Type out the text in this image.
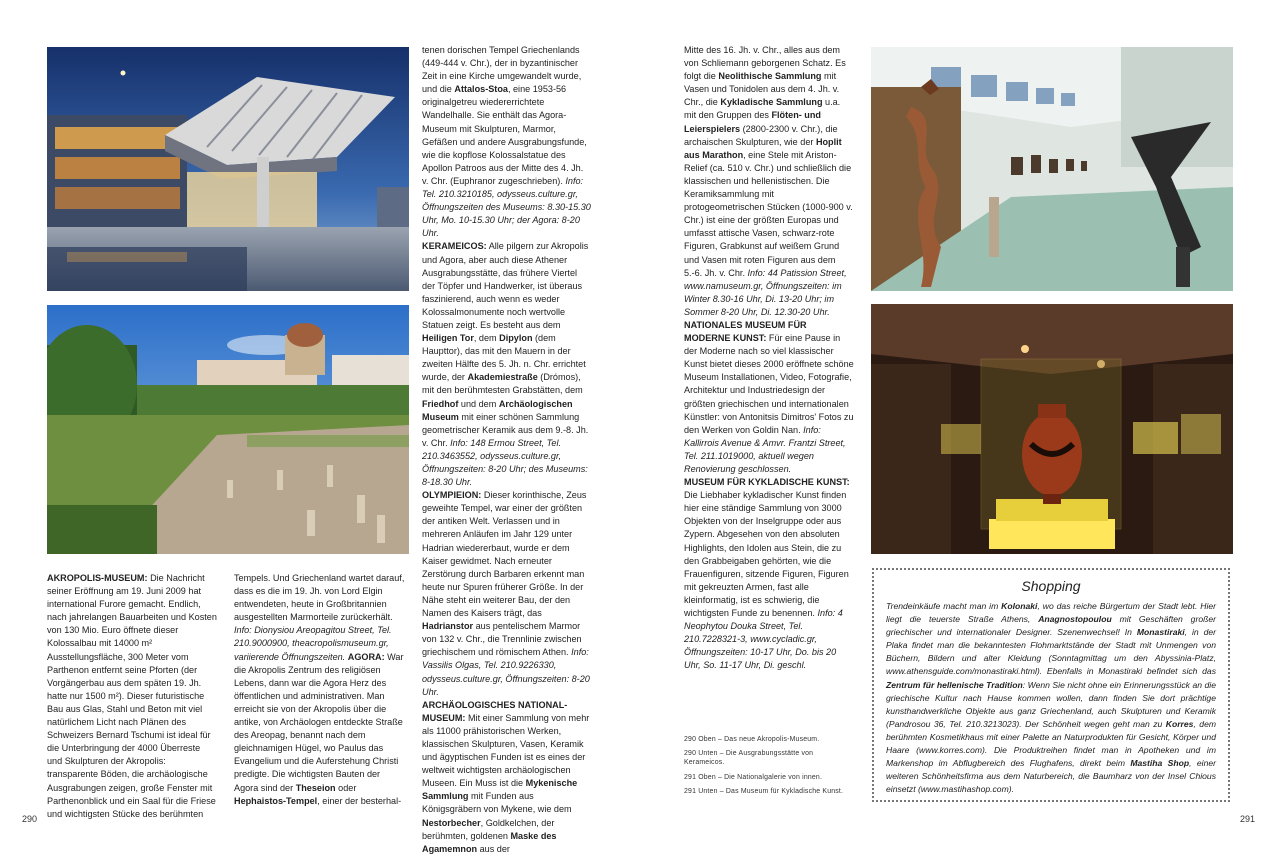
AKROPOLIS-MUSEUM: Die Nachricht seiner Eröffnung am 19. Juni 2009 hat international Furore gemacht. Endlich, nach jahrelangen Bauarbeiten und Kosten von 130 Mio. Euro öffnete dieser Kolossalbau mit 14000 m² Ausstellungsfläche, 300 Meter vom Parthenon entfernt seine Pforten (der Vorgängerbau aus dem späten 19. Jh. hatte nur 1500 m²). Dieser futuristische Bau aus Glas, Stahl und Beton mit viel natürlichem Licht nach Plänen des Schweizers Bernard Tschumi ist ideal für die Unterbringung der 4000 Überreste und Skulpturen der Akropolis: transparente Böden, die archäologische Ausgrabungen zeigen, große Fenster mit Parthenonblick und ein Saal für die Friese und wichtigsten Stücke des berühmten

Tempels. Und Griechenland wartet darauf, dass es die im 19. Jh. von Lord Elgin entwendeten, heute in Großbritannien ausgestellten Marmorteile zurückerhält. Info: Dionysiou Areopagitou Street, Tel. 210.9000900, theacropolismuseum.gr, variierende Öffnungszeiten. AGORA: War die Akropolis Zentrum des religiösen Lebens, dann war die Agora Herz des öffentlichen und administrativen. Man erreicht sie von der Akropolis über die antike, von Archäologen entdeckte Straße des Areopag, benannt nach dem gleichnamigen Hügel, wo Paulus das Evangelium und die Auferstehung Christi predigte. Die wichtigsten Bauten der Agora sind der Theseion oder Hephaistos-Tempel, einer der besterhal-

tenen dorischen Tempel Griechenlands (449-444 v. Chr.), der in byzantinischer Zeit in eine Kirche umgewandelt wurde, und die Attalos-Stoa, eine 1953-56 originalgetreu wiedererrichtete Wandelhalle. Sie enthält das Agora-Museum mit Skulpturen, Marmor, Gefäßen und andere Ausgrabungsfunde, wie die kopflose Kolossalstatue des Apollon Patroos aus der Mitte des 4. Jh. v. Chr. (Euphranor zugeschrieben). Info: Tel. 210.3210185, odysseus.culture.gr, Öffnungszeiten des Museums: 8.30-15.30 Uhr, Mo. 10-15.30 Uhr; der Agora: 8-20 Uhr.
KERAMEICOS: Alle pilgern zur Akropolis und Agora, aber auch diese Athener Ausgrabungsstätte, das frühere Viertel der Töpfer und Handwerker, ist überaus faszinierend, auch wenn es weder Kolossalmonumente noch wertvolle Statuen zeigt. Es besteht aus dem Heiligen Tor, dem Dipylon (dem Haupttor), das mit den Mauern in der zweiten Hälfte des 5. Jh. n. Chr. errichtet wurde, der Akademiestraße (Drómos), mit den berühmtesten Grabstätten, dem Friedhof und dem Archäologischen Museum mit einer schönen Sammlung geometrischer Keramik aus dem 9.-8. Jh. v. Chr. Info: 148 Ermou Street, Tel. 210.3463552, odysseus.culture.gr, Öffnungszeiten: 8-20 Uhr; des Museums: 8-18.30 Uhr.
OLYMPIEION: Dieser korinthische, Zeus geweihte Tempel, war einer der größten der antiken Welt. Verlassen und in mehreren Anläufen im Jahr 129 unter Hadrian wiedererbaut, wurde er dem Kaiser gewidmet. Nach erneuter Zerstörung durch Barbaren erkennt man heute nur Spuren früherer Größe. In der Nähe steht ein weiterer Bau, der den Namen des Kaisers trägt, das Hadrianstor aus pentelischem Marmor von 132 v. Chr., die Trennlinie zwischen griechischem und römischem Athen. Info: Vassilis Olgas, Tel. 210.9226330, odysseus.culture.gr, Öffnungszeiten: 8-20 Uhr.
ARCHÄOLOGISCHES NATIONAL-MUSEUM: Mit einer Sammlung von mehr als 11000 prähistorischen Werken, klassischen Skulpturen, Vasen, Keramik und ägyptischen Funden ist es eines der weltweit wichtigsten archäologischen Museen. Ein Muss ist die Mykenische Sammlung mit Funden aus Königsgräbern von Mykene, wie dem Nestorbecher, Goldkelchen, der berühmten, goldenen Maske des Agamemnon aus der

Mitte des 16. Jh. v. Chr., alles aus dem von Schliemann geborgenen Schatz. Es folgt die Neolithische Sammlung mit Vasen und Tonidolen aus dem 4. Jh. v. Chr., die Kykladische Sammlung u.a. mit den Gruppen des Flöten- und Leierspielers (2800-2300 v. Chr.), die archaischen Skulpturen, wie der Hoplit aus Marathon, eine Stele mit Ariston-Relief (ca. 510 v. Chr.) und schließlich die klassischen und hellenistischen. Die Keramiksammlung mit protogeometrischen Stücken (1000-900 v. Chr.) ist eine der größten Europas und umfasst attische Vasen, schwarz-rote Figuren, Grabkunst auf weißem Grund und Vasen mit roten Figuren aus dem 5.-6. Jh. v. Chr. Info: 44 Patission Street, www.namuseum.gr, Öffnungszeiten: im Winter 8.30-16 Uhr, Di. 13-20 Uhr; im Sommer 8-20 Uhr, Di. 12.30-20 Uhr.
NATIONALES MUSEUM FÜR MODERNE KUNST: Für eine Pause in der Moderne nach so viel klassischer Kunst bietet dieses 2000 eröffnete schöne Museum Installationen, Video, Fotografie, Architektur und Industriedesign der größten griechischen und internationalen Künstler: von Antonitsis Dimitros' Fotos zu den Werken von Goldin Nan. Info: Kallirrois Avenue & Amvr. Frantzi Street, Tel. 211.1019000, aktuell wegen Renovierung geschlossen.
MUSEUM FÜR KYKLADISCHE KUNST: Die Liebhaber kykladischer Kunst finden hier eine ständige Sammlung von 3000 Objekten von der Inselgruppe oder aus Zypern. Abgesehen von den absoluten Highlights, den Idolen aus Stein, die zu den Grabbeigaben gehörten, wie die Frauenfiguren, sitzende Figuren, Figuren mit gekreuzten Armen, fast alle kleinformatig, ist es schwierig, die wichtigsten Funde zu benennen. Info: 4 Neophytou Douka Street, Tel. 210.7228321-3, www.cycladic.gr, Öffnungszeiten: 10-17 Uhr, Do. bis 20 Uhr, So. 11-17 Uhr, Di. geschl.

290 Oben – Das neue Akropolis-Museum.
290 Unten – Die Ausgrabungsstätte von Kerameicos.
291 Oben – Die Nationalgalerie von innen.
291 Unten – Das Museum für Kykladische Kunst.
Shopping

Trendeinkäufe macht man im Kolonaki, wo das reiche Bürgertum der Stadt lebt. Hier liegt die teuerste Straße Athens, Anagnostopoulou mit Geschäften großer griechischer und internationaler Designer. Szenenwechsel! In Monastiraki, in der Plaka findet man die bekanntesten Flohmarktstände der Stadt mit Unmengen von Büchern, Bildern und alter Kleidung (Sonntagmittag um den Abyssinia-Platz, www.athensguide.com/monastiraki.html). Ebenfalls in Monastiraki befindet sich das Zentrum für hellenische Tradition: Wenn Sie nicht ohne ein Erinnerungsstück an die griechische Kultur nach Hause kommen wollen, dann finden Sie dort prächtige kunsthandwerkliche Objekte aus ganz Griechenland, auch Skulpturen und Keramik (Pandrosou 36, Tel. 210.3213023). Der Schönheit wegen geht man zu Korres, dem berühmten Kosmetikhaus mit einer Palette an Naturprodukten für Gesicht, Körper und Haare (www.korres.com). Die Produktreihen findet man in Apotheken und im Markenshop im Abflugbereich des Flughafens, direkt beim Mastiha Shop, einer weiteren Schönheitsfirma aus dem Naturbereich, die Baumharz von der Insel Chious einsetzt (www.mastihashop.com).

290	291
